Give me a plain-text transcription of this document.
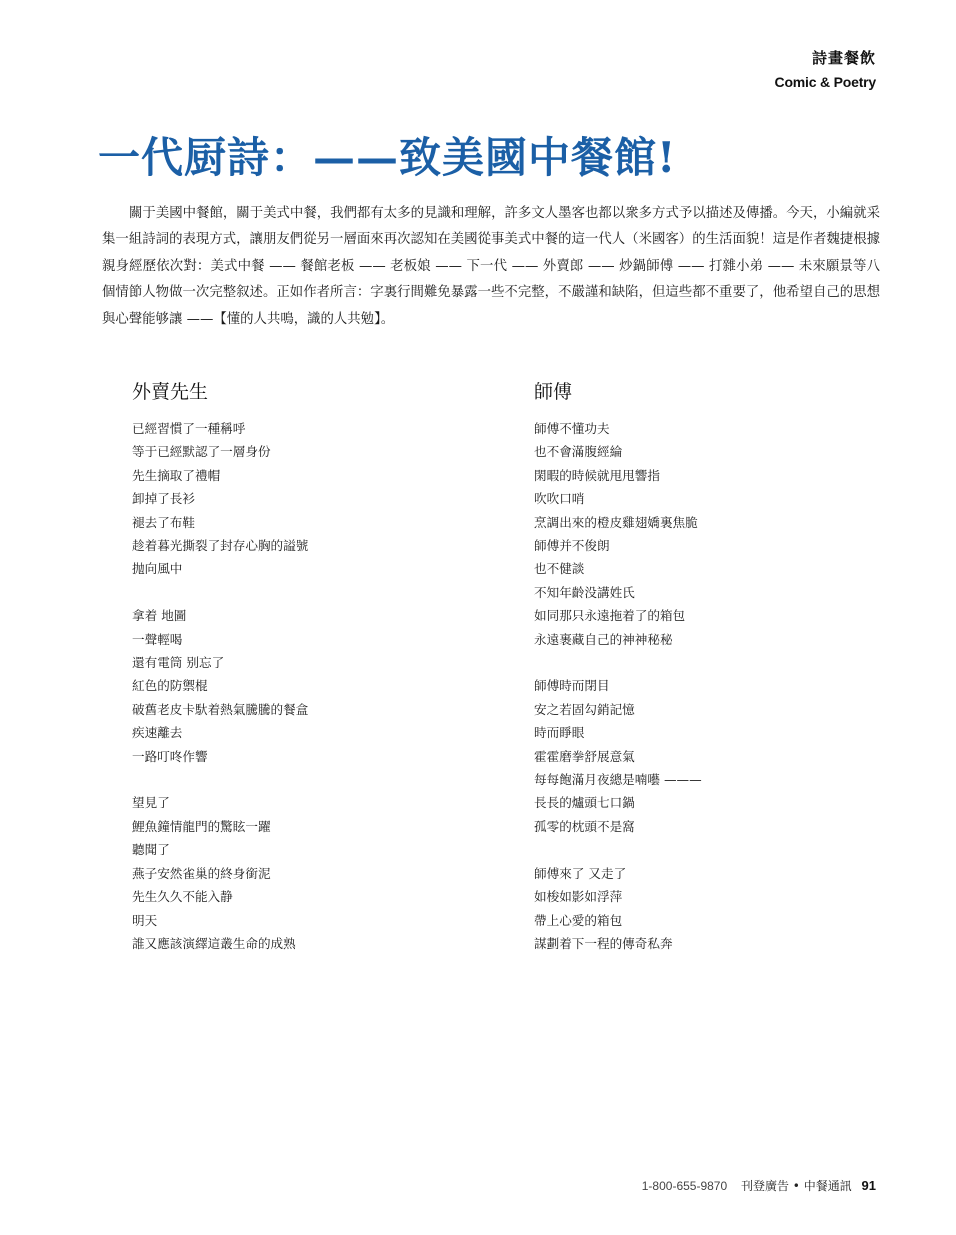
詩畫餐飲
Comic & Poetry
一代厨詩：——致美國中餐館!

關于美國中餐館，關于美式中餐，我們都有太多的見識和理解，許多文人墨客也都以衆多方式予以描述及傳播。今天，小編就采集一組詩詞的表現方式，讓朋友們從另一層面來再次認知在美國從事美式中餐的這一代人（米國客）的生活面貌！這是作者魏捷根據親身經歷依次對：美式中餐 —— 餐館老板 —— 老板娘 —— 下一代 —— 外賣郎 —— 炒鍋師傅 —— 打雜小弟 —— 未來願景等八個情節人物做一次完整叙述。正如作者所言：字裏行間難免暴露一些不完整，不嚴謹和缺陷，但這些都不重要了，他希望自己的思想與心聲能够讓 ——【懂的人共鳴，識的人共勉】。

外賣先生
已經習慣了一種稱呼
等于已經默認了一層身份
先生摘取了禮帽
卸掉了長衫
褪去了布鞋
趁着暮光撕裂了封存心胸的謚號
抛向風中
拿着 地圖
一聲輕喝
還有電筒 别忘了
紅色的防禦棍
破舊老皮卡馱着熱氣騰騰的餐盒
疾速離去
一路叮咚作響
望見了
鯉魚鐘情龍門的驚眩一躍
聽聞了
燕子安然雀巢的終身銜泥
先生久久不能入静
明天
誰又應該演繹這叢生命的成熟
師傅
師傅不懂功夫
也不會滿腹經綸
閑暇的時候就甩甩響指
吹吹口哨
烹調出來的橙皮雞翅嬌裏焦脆
師傅并不俊朗
也不健談
不知年齡没講姓氏
如同那只永遠拖着了的箱包
永遠裹藏自己的神神秘秘
師傅時而閉目
安之若固勾銷記憶
時而睜眼
霍霍磨拳舒展意氣
每每飽滿月夜總是喃囈 ———
長長的爐頭七口鍋
孤零的枕頭不是窩
師傅來了 又走了
如梭如影如浮萍
帶上心愛的箱包
謀劃着下一程的傳奇私奔
1-800-655-9870 刊登廣告 • 中餐通訊 91
